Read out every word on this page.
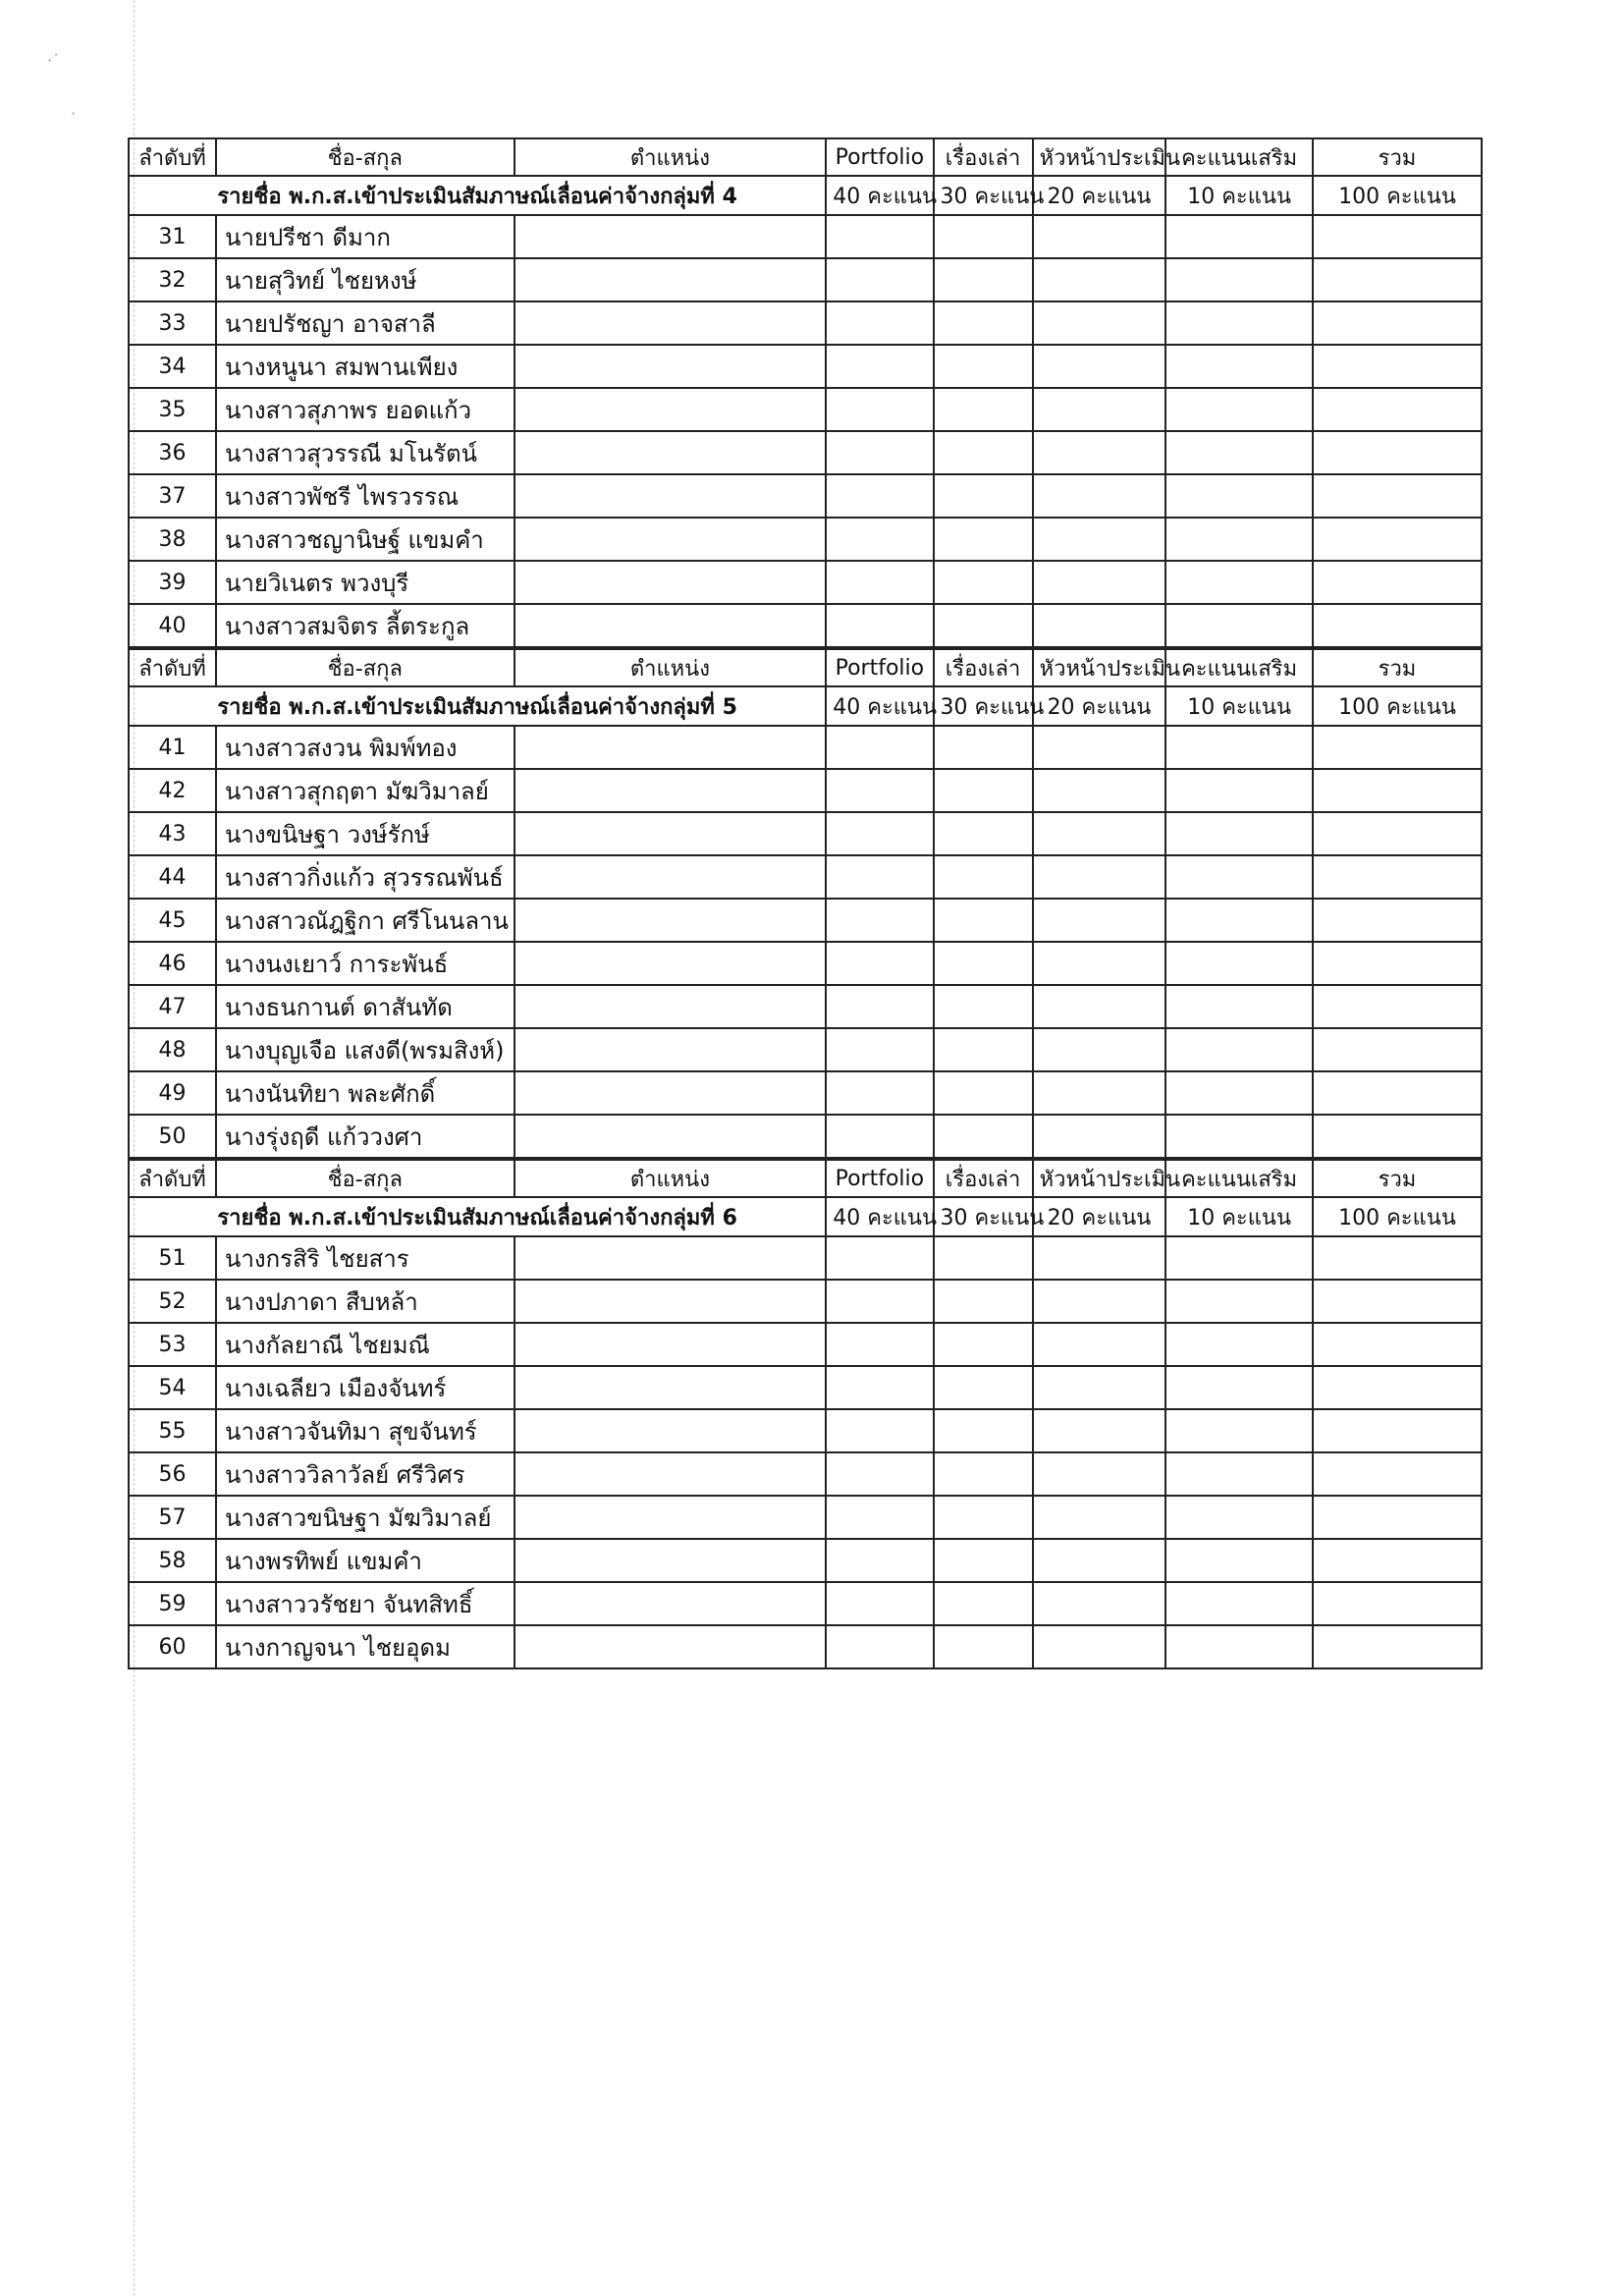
·˙
·
ลำดับที่	ชื่อ-สกุล	ตำแหน่ง	Portfolio	เรื่องเล่า	หัวหน้าประเมิน	คะแนนเสริม	รวม
รายชื่อ พ.ก.ส.เข้าประเมินสัมภาษณ์เลื่อนค่าจ้างกลุ่มที่ 4			40 คะแนน	30 คะแนน	20 คะแนน	10 คะแนน	100 คะแนน
31	นายปรีชา ดีมาก						
32	นายสุวิทย์ ไชยหงษ์						
33	นายปรัชญา อาจสาลี						
34	นางหนูนา สมพานเพียง						
35	นางสาวสุภาพร ยอดแก้ว						
36	นางสาวสุวรรณี มโนรัตน์						
37	นางสาวพัชรี ไพรวรรณ						
38	นางสาวชญานิษฐ์ แขมคำ						
39	นายวิเนตร พวงบุรี						
40	นางสาวสมจิตร ลี้ตระกูล						
ลำดับที่	ชื่อ-สกุล	ตำแหน่ง	Portfolio	เรื่องเล่า	หัวหน้าประเมิน	คะแนนเสริม	รวม
รายชื่อ พ.ก.ส.เข้าประเมินสัมภาษณ์เลื่อนค่าจ้างกลุ่มที่ 5			40 คะแนน	30 คะแนน	20 คะแนน	10 คะแนน	100 คะแนน
41	นางสาวสงวน พิมพ์ทอง						
42	นางสาวสุกฤตา มัฆวิมาลย์						
43	นางขนิษฐา วงษ์รักษ์						
44	นางสาวกิ่งแก้ว สุวรรณพันธ์						
45	นางสาวณัฎฐิกา ศรีโนนลาน						
46	นางนงเยาว์ การะพันธ์						
47	นางธนกานต์ ดาสันทัด						
48	นางบุญเจือ แสงดี(พรมสิงห์)						
49	นางนันทิยา พละศักดิ์						
50	นางรุ่งฤดี แก้ววงศา						
ลำดับที่	ชื่อ-สกุล	ตำแหน่ง	Portfolio	เรื่องเล่า	หัวหน้าประเมิน	คะแนนเสริม	รวม
รายชื่อ พ.ก.ส.เข้าประเมินสัมภาษณ์เลื่อนค่าจ้างกลุ่มที่ 6			40 คะแนน	30 คะแนน	20 คะแนน	10 คะแนน	100 คะแนน
51	นางกรสิริ ไชยสาร						
52	นางปภาดา สืบหล้า						
53	นางกัลยาณี ไชยมณี						
54	นางเฉลียว เมืองจันทร์						
55	นางสาวจันทิมา สุขจันทร์						
56	นางสาววิลาวัลย์ ศรีวิศร						
57	นางสาวขนิษฐา มัฆวิมาลย์						
58	นางพรทิพย์ แขมคำ						
59	นางสาววรัชยา จันทสิทธิ์						
60	นางกาญจนา ไชยอุดม						
